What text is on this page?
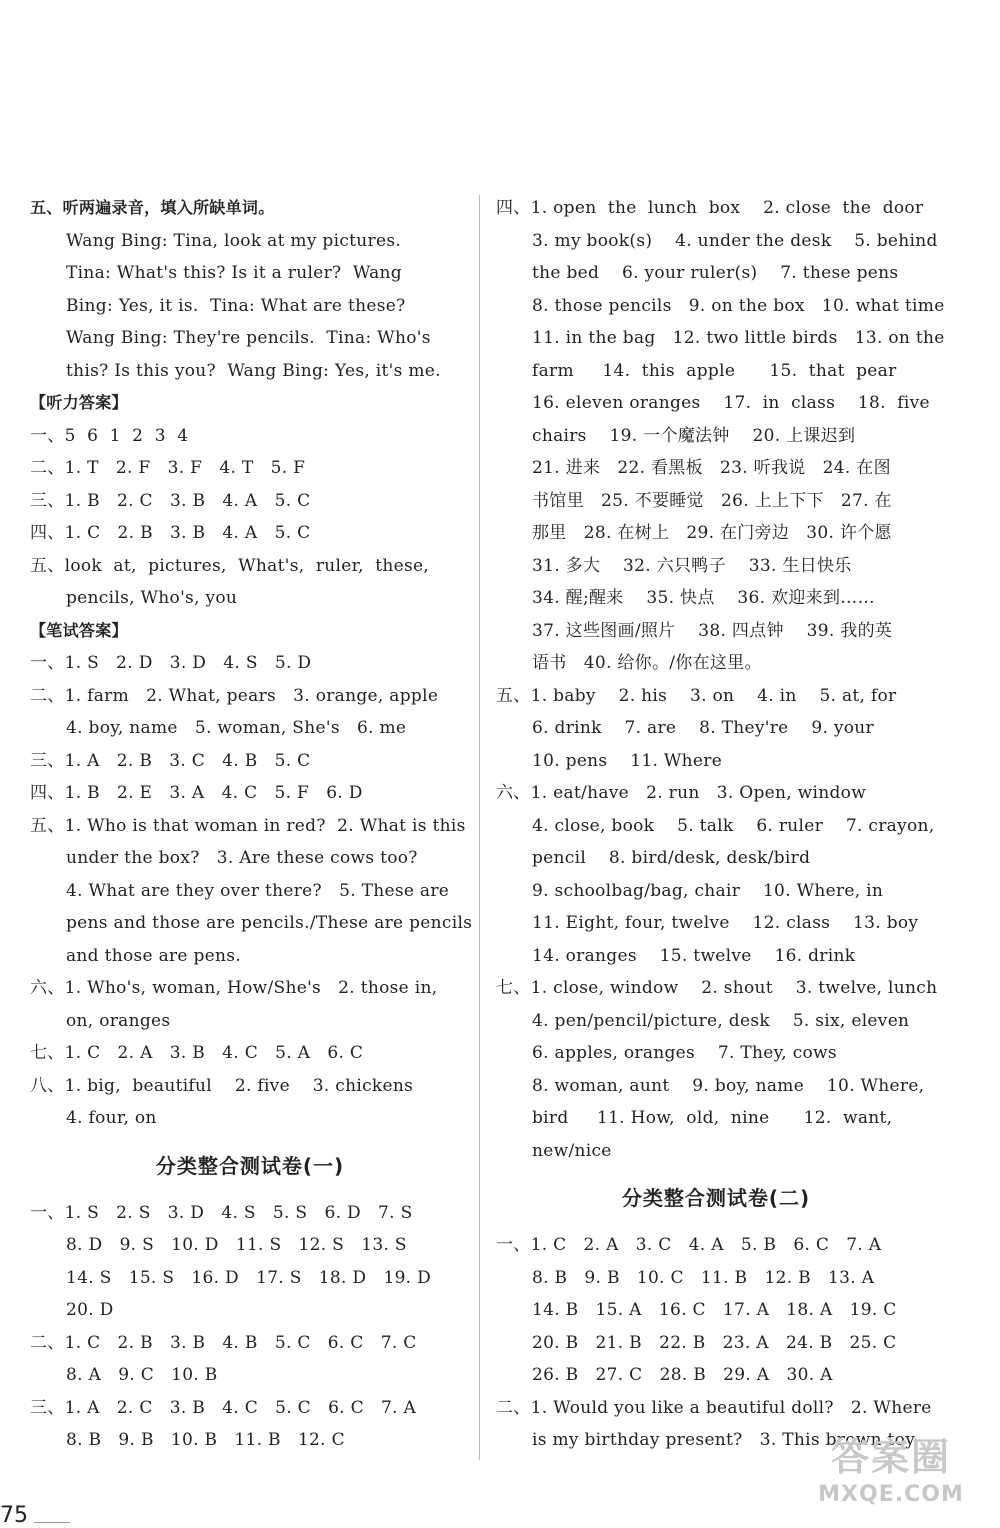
五、听两遍录音，填入所缺单词。
Wang Bing: Tina, look at my pictures.
Tina: What's this? Is it a ruler?  Wang
Bing: Yes, it is.  Tina: What are these?
Wang Bing: They're pencils.  Tina: Who's
this? Is this you?  Wang Bing: Yes, it's me.
【听力答案】
一、5  6  1  2  3  4
二、1. T   2. F   3. F   4. T   5. F
三、1. B   2. C   3. B   4. A   5. C
四、1. C   2. B   3. B   4. A   5. C
五、look  at,  pictures,  What's,  ruler,  these,
pencils, Who's, you
【笔试答案】
一、1. S   2. D   3. D   4. S   5. D
二、1. farm   2. What, pears   3. orange, apple
4. boy, name   5. woman, She's   6. me
三、1. A   2. B   3. C   4. B   5. C
四、1. B   2. E   3. A   4. C   5. F   6. D
五、1. Who is that woman in red?  2. What is this
under the box?   3. Are these cows too?
4. What are they over there?   5. These are
pens and those are pencils./These are pencils
and those are pens.
六、1. Who's, woman, How/She's   2. those in,
on, oranges
七、1. C   2. A   3. B   4. C   5. A   6. C
八、1. big,  beautiful    2. five    3. chickens
4. four, on
分类整合测试卷(一)
一、1. S   2. S   3. D   4. S   5. S   6. D   7. S
8. D   9. S   10. D   11. S   12. S   13. S
14. S   15. S   16. D   17. S   18. D   19. D
20. D
二、1. C   2. B   3. B   4. B   5. C   6. C   7. C
8. A   9. C   10. B
三、1. A   2. C   3. B   4. C   5. C   6. C   7. A
8. B   9. B   10. B   11. B   12. C
四、1. open  the  lunch  box    2. close  the  door
3. my book(s)    4. under the desk    5. behind
the bed    6. your ruler(s)    7. these pens
8. those pencils   9. on the box   10. what time
11. in the bag   12. two little birds   13. on the
farm     14.  this  apple      15.  that  pear
16. eleven oranges    17.  in  class    18.  five
chairs    19. 一个魔法钟    20. 上课迟到
21. 进来   22. 看黑板   23. 听我说   24. 在图
书馆里   25. 不要睡觉   26. 上上下下   27. 在
那里   28. 在树上   29. 在门旁边   30. 许个愿
31. 多大    32. 六只鸭子    33. 生日快乐
34. 醒;醒来    35. 快点    36. 欢迎来到……
37. 这些图画/照片    38. 四点钟    39. 我的英
语书   40. 给你。/你在这里。
五、1. baby    2. his    3. on    4. in    5. at, for
6. drink    7. are    8. They're    9. your
10. pens    11. Where
六、1. eat/have   2. run   3. Open, window
4. close, book    5. talk    6. ruler    7. crayon,
pencil    8. bird/desk, desk/bird
9. schoolbag/bag, chair    10. Where, in
11. Eight, four, twelve    12. class    13. boy
14. oranges    15. twelve    16. drink
七、1. close, window    2. shout    3. twelve, lunch
4. pen/pencil/picture, desk    5. six, eleven
6. apples, oranges    7. They, cows
8. woman, aunt    9. boy, name    10. Where,
bird     11. How,  old,  nine      12.  want,
new/nice
分类整合测试卷(二)
一、1. C   2. A   3. C   4. A   5. B   6. C   7. A
8. B   9. B   10. C   11. B   12. B   13. A
14. B   15. A   16. C   17. A   18. A   19. C
20. B   21. B   22. B   23. A   24. B   25. C
26. B   27. C   28. B   29. A   30. A
二、1. Would you like a beautiful doll?   2. Where
is my birthday present?   3. This brown toy
75
答案圈
MXQE.COM
